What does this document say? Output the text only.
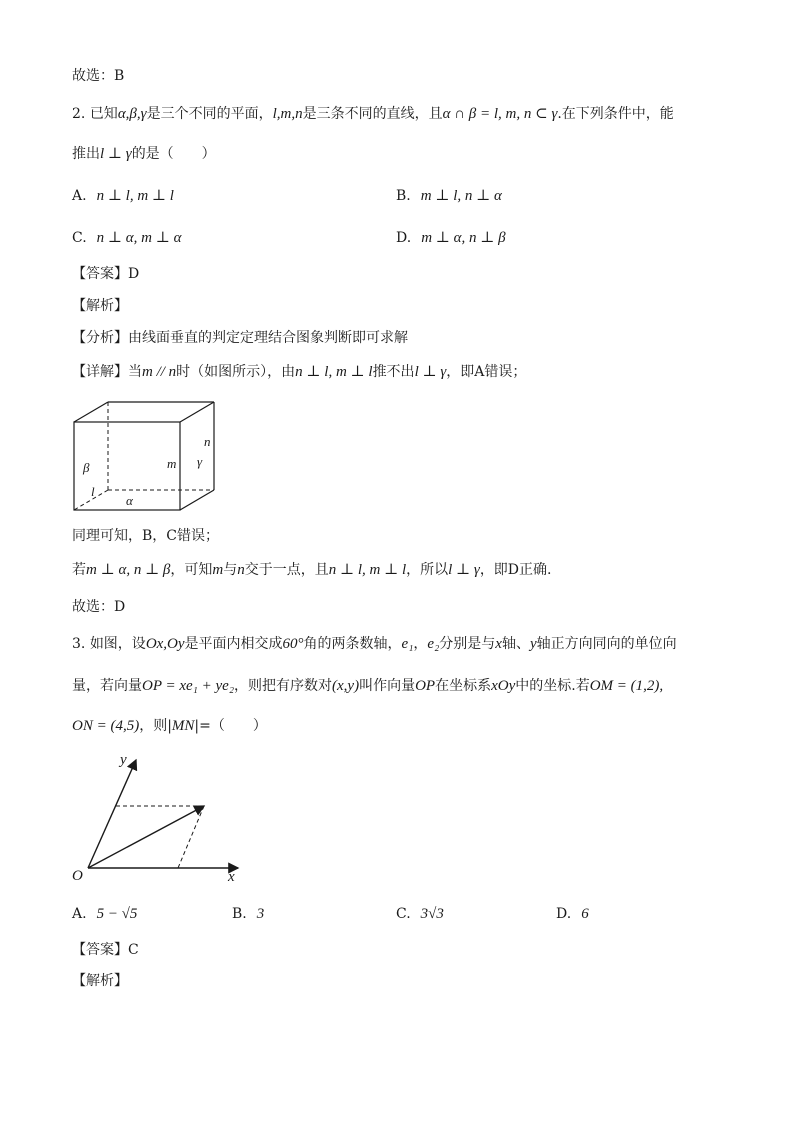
故选：B
2. 已知α,β,γ是三个不同的平面，l,m,n是三条不同的直线，且α ∩ β = l, m, n ⊂ γ.在下列条件中，能
推出l ⊥ γ的是（　　）
A. n ⊥ l, m ⊥ l	B. m ⊥ l, n ⊥ α
C. n ⊥ α, m ⊥ α	D. m ⊥ α, n ⊥ β
【答案】D
【解析】
【分析】由线面垂直的判定定理结合图象判断即可求解
【详解】当m // n时（如图所示），由n ⊥ l, m ⊥ l推不出l ⊥ γ，即A错误；
β	m
n
γ
l
α
同理可知，B，C错误；
若m ⊥ α, n ⊥ β，可知m与n交于一点，且n ⊥ l, m ⊥ l，所以l ⊥ γ，即D正确.
故选：D
3. 如图，设Ox,Oy是平面内相交成60°角的两条数轴，e₁，e₂分别是与x轴、y轴正方向同向的单位向
量，若向量OP = xe₁ + ye₂，则把有序数对(x,y)叫作向量OP在坐标系xOy中的坐标.若OM = (1,2),
ON = (4,5)，则|MN|=（　　）
y
x
O
A. 5 − √5	B. 3	C. 3√3	D. 6
【答案】C
【解析】
